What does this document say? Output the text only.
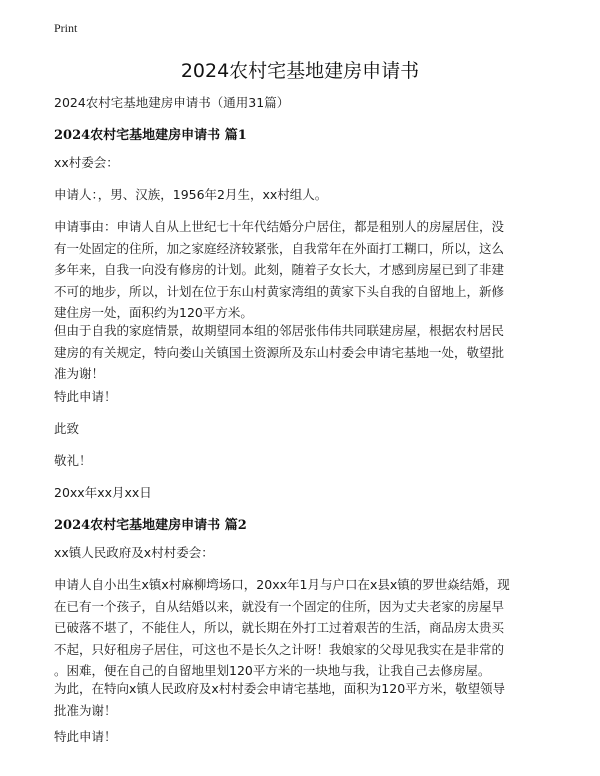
Print
2024农村宅基地建房申请书
2024农村宅基地建房申请书（通用31篇）
2024农村宅基地建房申请书 篇1
xx村委会：
申请人：，男、汉族，1956年2月生，xx村组人。
申请事由：申请人自从上世纪七十年代结婚分户居住，都是租别人的房屋居住，没
有一处固定的住所，加之家庭经济较紧张，自我常年在外面打工糊口，所以，这么
多年来，自我一向没有修房的计划。此刻，随着子女长大，才感到房屋已到了非建
不可的地步，所以，计划在位于东山村黄家湾组的黄家下头自我的自留地上，新修
建住房一处，面积约为120平方米。
但由于自我的家庭情景，故期望同本组的邻居张伟伟共同联建房屋，根据农村居民
建房的有关规定，特向娄山关镇国土资源所及东山村委会申请宅基地一处，敬望批
准为谢！
特此申请！
此致
敬礼！
20xx年xx月xx日
2024农村宅基地建房申请书 篇2
xx镇人民政府及x村村委会：
申请人自小出生x镇x村麻柳塆场口，20xx年1月与户口在x县x镇的罗世焱结婚，现
在已有一个孩子，自从结婚以来，就没有一个固定的住所，因为丈夫老家的房屋早
已破落不堪了，不能住人，所以，就长期在外打工过着艰苦的生活，商品房太贵买
不起，只好租房子居住，可这也不是长久之计呀！我娘家的父母见我实在是非常的
。困难，便在自己的自留地里划120平方米的一块地与我，让我自己去修房屋。
为此，在特向x镇人民政府及x村村委会申请宅基地，面积为120平方米，敬望领导
批准为谢！
特此申请！
